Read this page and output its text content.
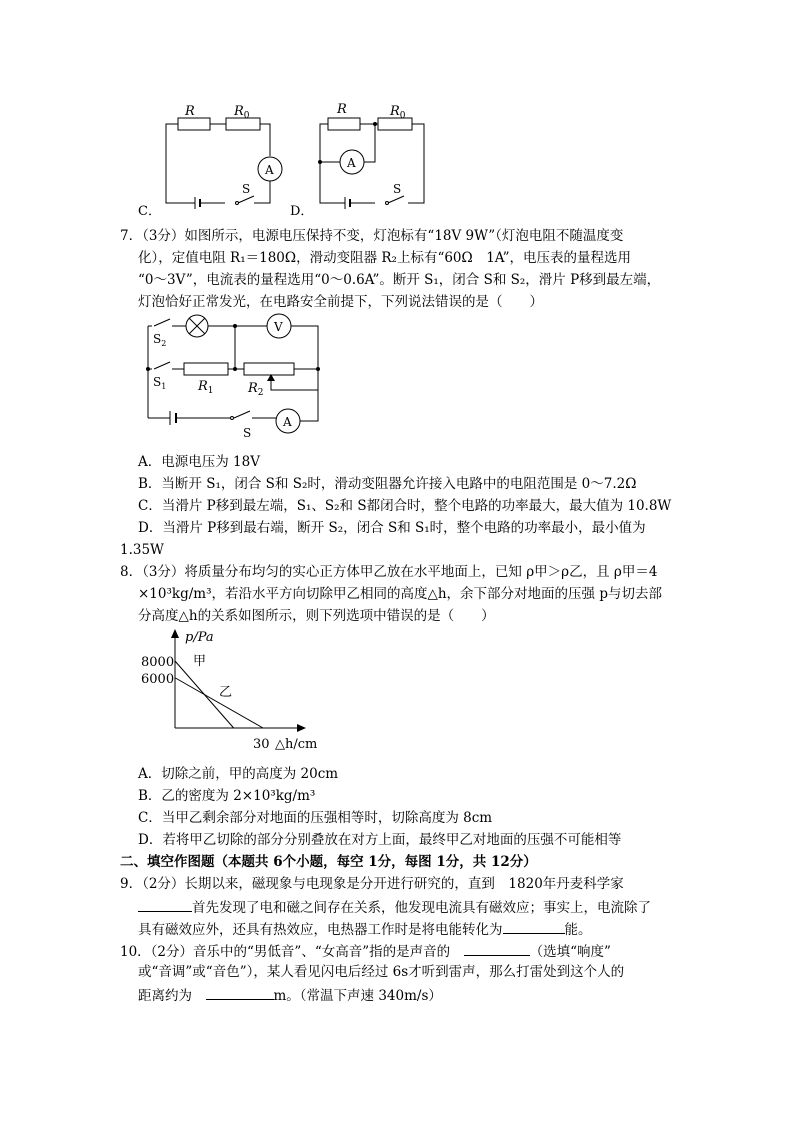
R	$R_0$
A
S
C．
R	$R_0$
A
S
D．
7．（3分）如图所示，电源电压保持不变，灯泡标有“18V 9W”（灯泡电阻不随温度变
化），定值电阻 R₁＝180Ω，滑动变阻器 R₂上标有“60Ω　1A”，电压表的量程选用
“0～3V”，电流表的量程选用“0～0.6A”。断开 S₁，闭合 S和 S₂，滑片 P移到最左端，
灯泡恰好正常发光，在电路安全前提下，下列说法错误的是（　　）
V
A
$S_2$
$S_1$ $R_1$	$R_2$
S
A．电源电压为 18V
B．当断开 S₁，闭合 S和 S₂时，滑动变阻器允许接入电路中的电阻范围是 0～7.2Ω
C．当滑片 P移到最左端，S₁、S₂和 S都闭合时，整个电路的功率最大，最大值为 10.8W
D．当滑片 P移到最右端，断开 S₂，闭合 S和 S₁时，整个电路的功率最小，最小值为
1.35W
8．（3分）将质量分布均匀的实心正方体甲乙放在水平地面上，已知 ρ甲＞ρ乙，且 ρ甲＝4
×10³kg/m³，若沿水平方向切除甲乙相同的高度△h，余下部分对地面的压强 p与切去部
分高度△h的关系如图所示，则下列选项中错误的是（　　）
甲
乙
8000
6000
30
p/Pa
△h/cm
A．切除之前，甲的高度为 20cm
B．乙的密度为 2×10³kg/m³
C．当甲乙剩余部分对地面的压强相等时，切除高度为 8cm
D．若将甲乙切除的部分分别叠放在对方上面，最终甲乙对地面的压强不可能相等
二、填空作图题（本题共 6个小题，每空 1分，每图 1分，共 12分）
9．（2分）长期以来，磁现象与电现象是分开进行研究的，直到　1820年丹麦科学家
首先发现了电和磁之间存在关系，他发现电流具有磁效应；事实上，电流除了
具有磁效应外，还具有热效应，电热器工作时是将电能转化为	能。
10．（2分）音乐中的“男低音”、“女高音”指的是声音的　	（选填“响度”
或“音调”或“音色”），某人看见闪电后经过 6s才听到雷声，那么打雷处到这个人的
距离约为　	m。（常温下声速 340m/s）
